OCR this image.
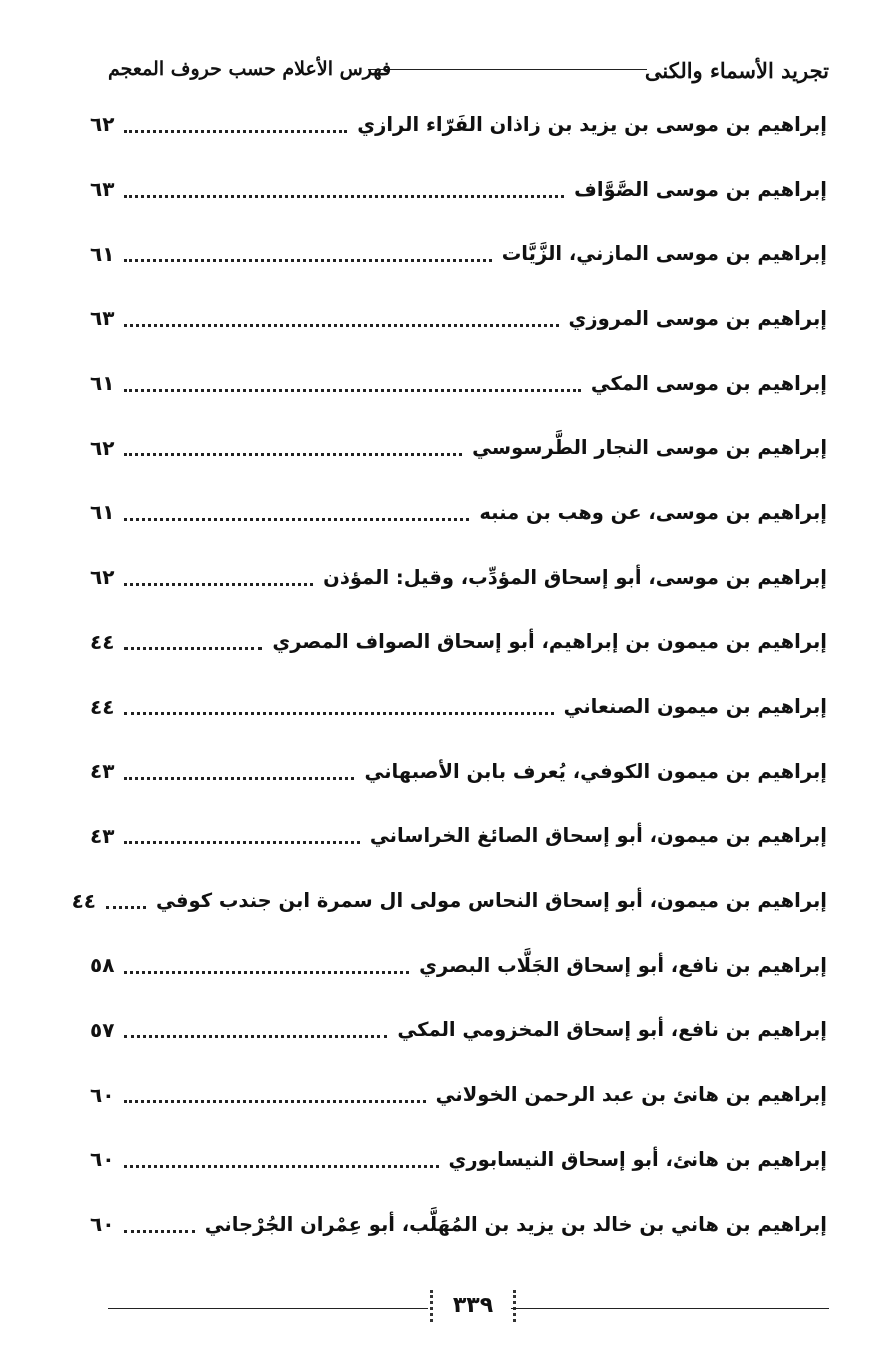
تجريد الأسماء والكنى
فهرس الأعلام حسب حروف المعجم
إبراهيم بن موسى بن يزيد بن زاذان الفَرّاء الرازي
٦٢
إبراهيم بن موسى الصَّوَّاف
٦٣
إبراهيم بن موسى المازني، الزَّيَّات
٦١
إبراهيم بن موسى المروزي
٦٣
إبراهيم بن موسى المكي
٦١
إبراهيم بن موسى النجار الطَّرسوسي
٦٢
إبراهيم بن موسى، عن وهب بن منبه
٦١
إبراهيم بن موسى، أبو إسحاق المؤدِّب، وقيل: المؤذن
٦٢
إبراهيم بن ميمون بن إبراهيم، أبو إسحاق الصواف المصري
٤٤
إبراهيم بن ميمون الصنعاني
٤٤
إبراهيم بن ميمون الكوفي، يُعرف بابن الأصبهاني
٤٣
إبراهيم بن ميمون، أبو إسحاق الصائغ الخراساني
٤٣
إبراهيم بن ميمون، أبو إسحاق النحاس مولى ال سمرة ابن جندب كوفي
٤٤
إبراهيم بن نافع، أبو إسحاق الجَلَّاب البصري
٥٨
إبراهيم بن نافع، أبو إسحاق المخزومي المكي
٥٧
إبراهيم بن هانئ بن عبد الرحمن الخولاني
٦٠
إبراهيم بن هانئ، أبو إسحاق النيسابوري
٦٠
إبراهيم بن هاني بن خالد بن يزيد بن المُهَلَّب، أبو عِمْران الجُرْجاني
٦٠
٣٣٩
